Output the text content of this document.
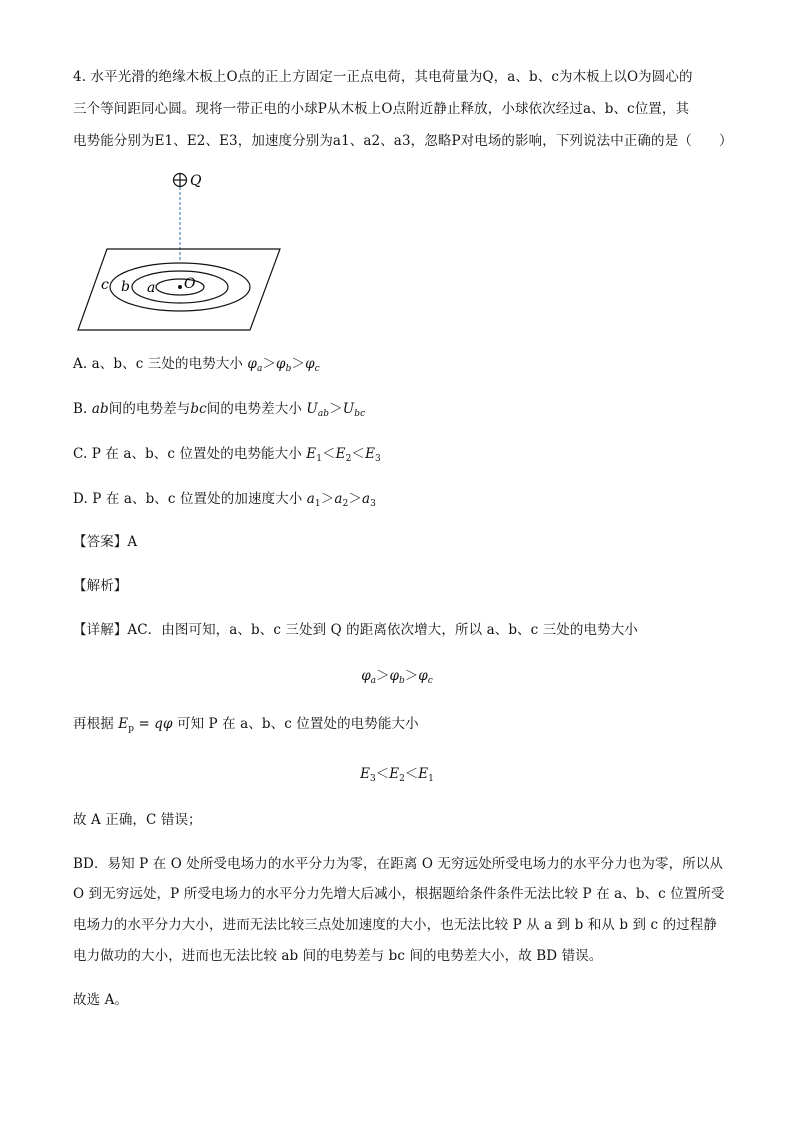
4. 水平光滑的绝缘木板上O点的正上方固定一正点电荷，其电荷量为Q，a、b、c为木板上以O为圆心的
三个等间距同心圆。现将一带正电的小球P从木板上O点附近静止释放，小球依次经过a、b、c位置，其
电势能分别为E1、E2、E3，加速度分别为a1、a2、a3，忽略P对电场的影响，下列说法中正确的是（　　）
Q
O
a
b
c
A. a、b、c 三处的电势大小 $\varphi_a>\varphi_b>\varphi_c$
B. ab间的电势差与bc间的电势差大小 $U_{ab}>U_{bc}$
C. P 在 a、b、c 位置处的电势能大小 $E_1<E_2<E_3$
D. P 在 a、b、c 位置处的加速度大小 $a_1>a_2>a_3$
【答案】A
【解析】
【详解】AC．由图可知，a、b、c 三处到 Q 的距离依次增大，所以 a、b、c 三处的电势大小
$\varphi_a>\varphi_b>\varphi_c$
再根据 $E_p = q\varphi$ 可知 P 在 a、b、c 位置处的电势能大小
$E_3<E_2<E_1$
故 A 正确，C 错误；
BD．易知 P 在 O 处所受电场力的水平分力为零，在距离 O 无穷远处所受电场力的水平分力也为零，所以从
O 到无穷远处，P 所受电场力的水平分力先增大后减小，根据题给条件条件无法比较 P 在 a、b、c 位置所受
电场力的水平分力大小，进而无法比较三点处加速度的大小，也无法比较 P 从 a 到 b 和从 b 到 c 的过程静
电力做功的大小，进而也无法比较 ab 间的电势差与 bc 间的电势差大小，故 BD 错误。
故选 A。
